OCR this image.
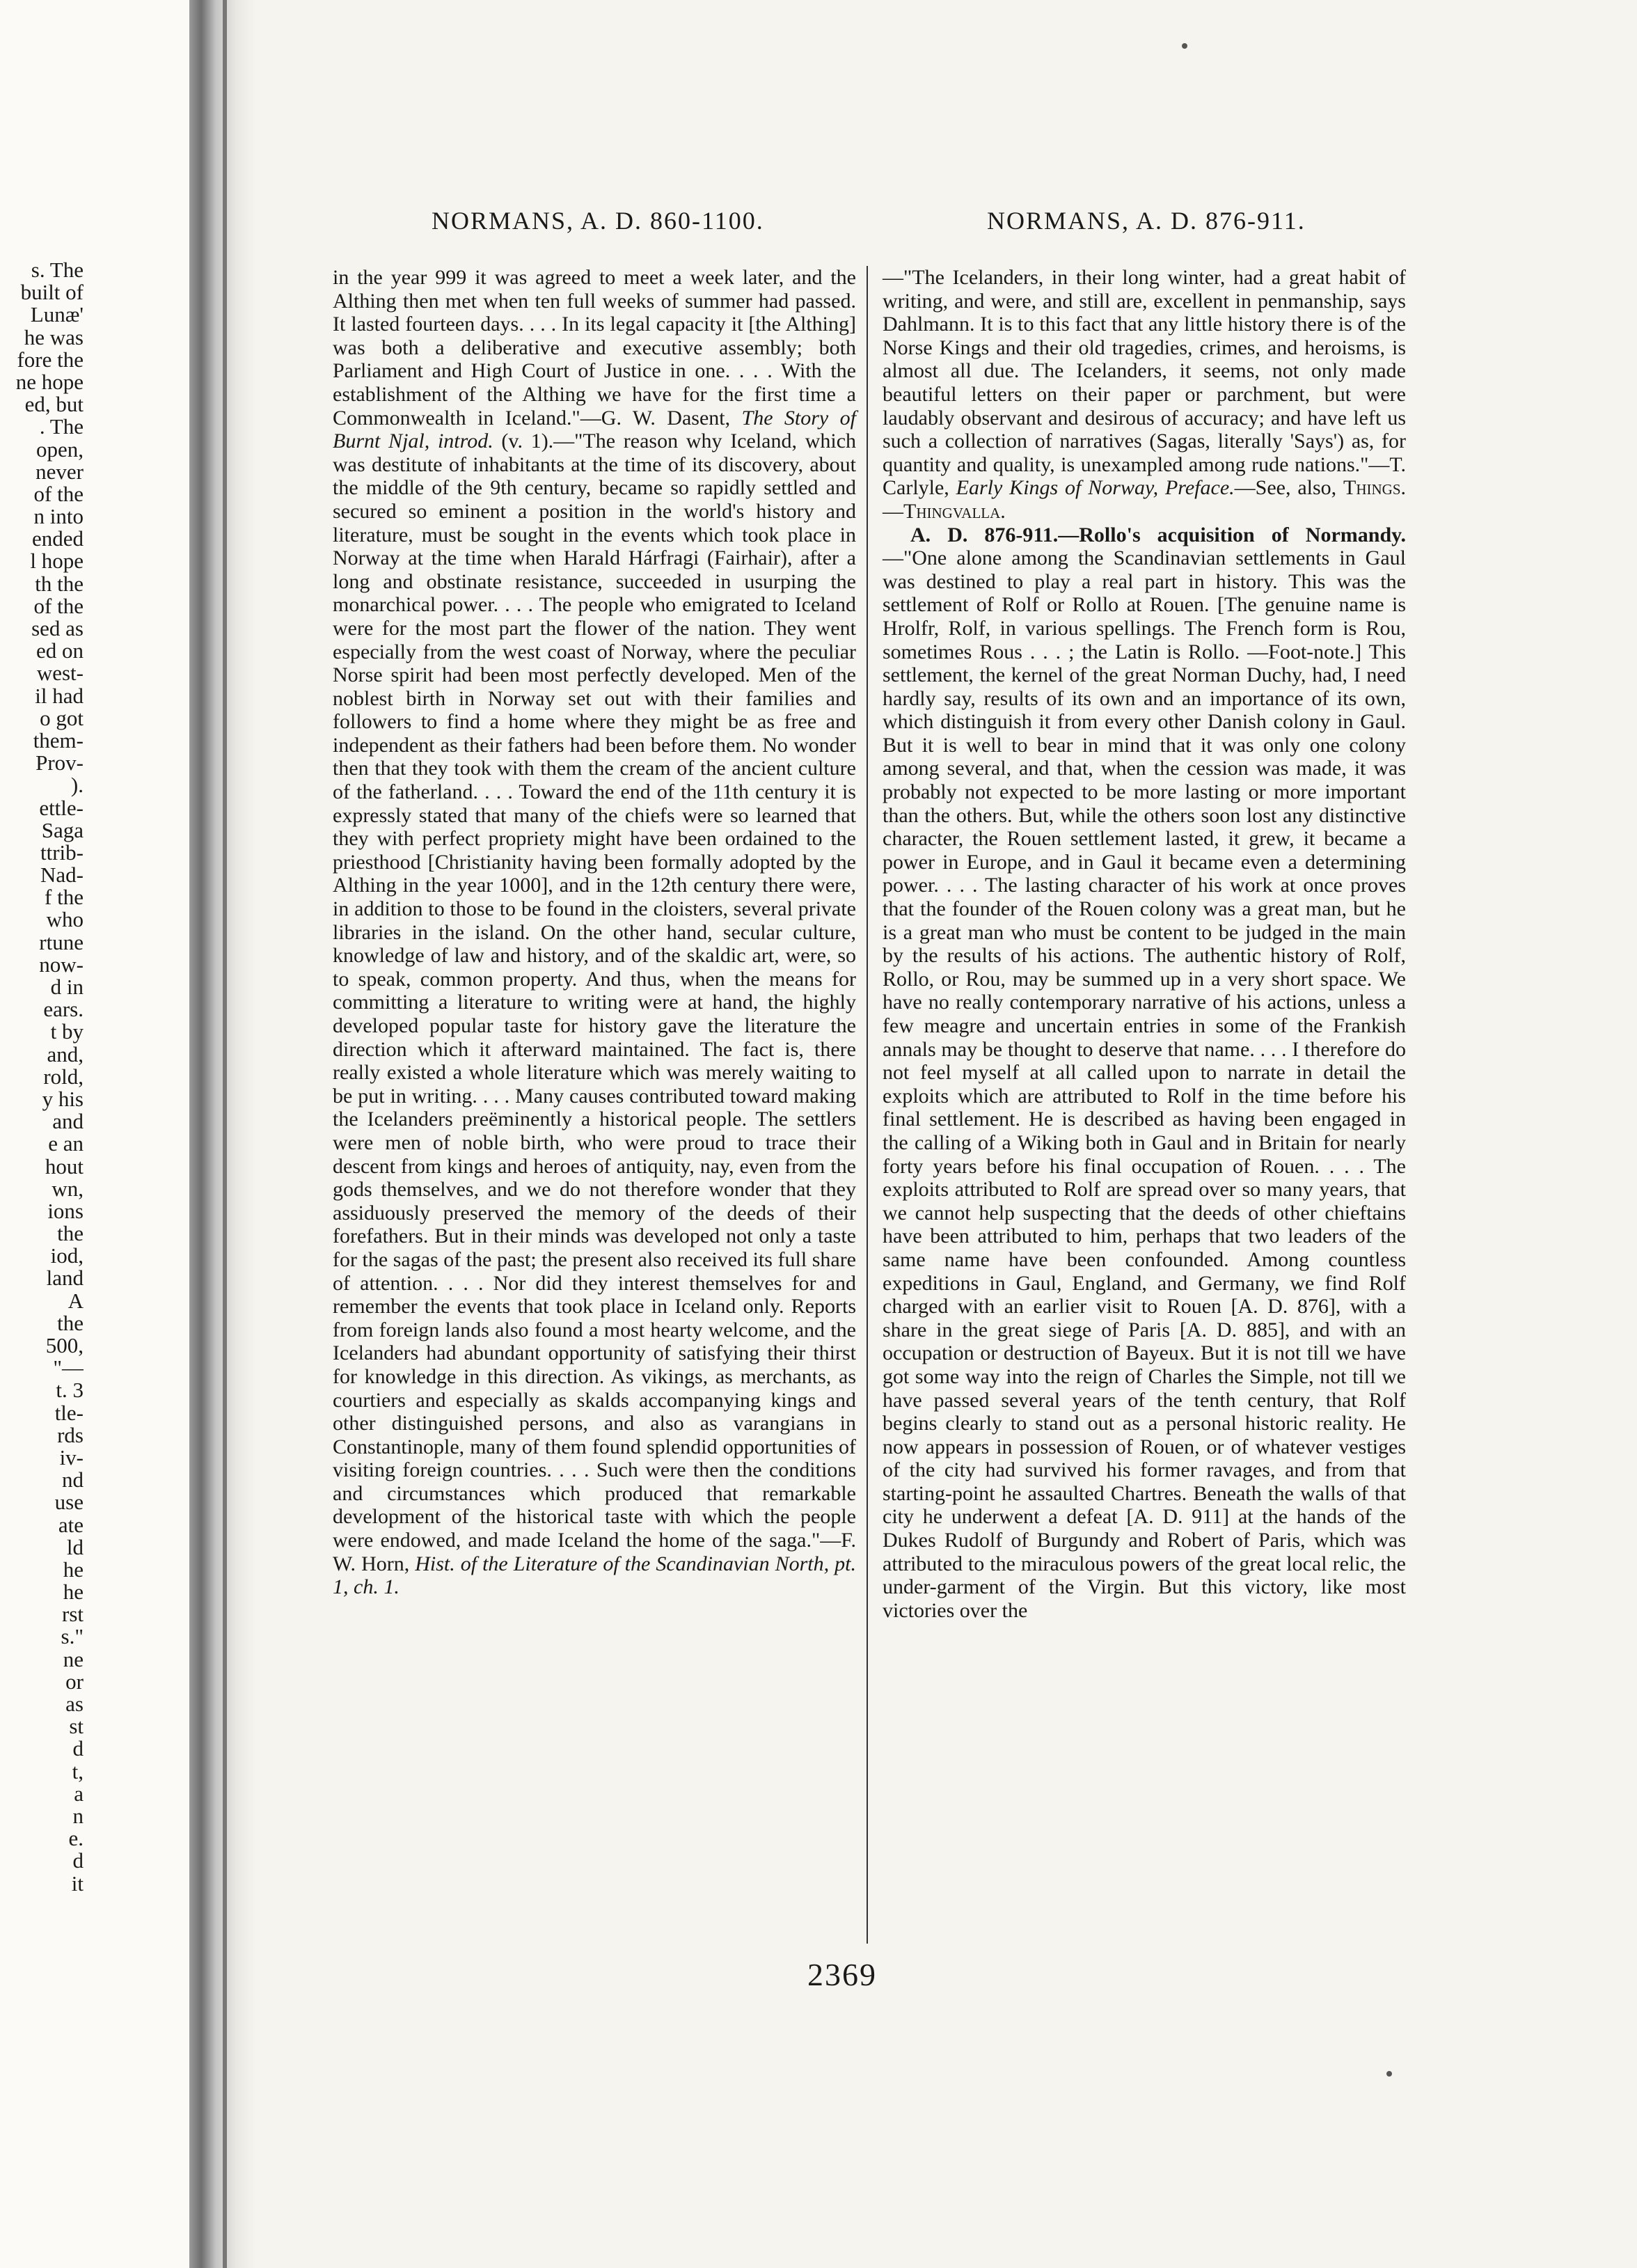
s. The
built of
Lunæ'
he was
fore the
ne hope
ed, but
. The
open,
never
of the
n into
ended
l hope
th the
of the
sed as
ed on
west-
il had
o got
them-
Prov-
).
ettle-
Saga
ttrib-
Nad-
f the
who
rtune
now-
d in
ears.
t by
and,
rold,
y his
and
e an
hout
wn,
ions
the
iod,
land
A
the
500,
"—
t. 3
tle-
rds
iv-
nd
use
ate
ld
he
he
rst
s."
ne
or
as
st
d
t,
a
n
e.
d
it
NORMANS, A. D. 860-1100.	NORMANS, A. D. 876-911.

in the year 999 it was agreed to meet a week later, and the Althing then met when ten full weeks of summer had passed. It lasted fourteen days. . . . In its legal capacity it [the Althing] was both a deliberative and executive assembly; both Parliament and High Court of Justice in one. . . . With the establishment of the Althing we have for the first time a Commonwealth in Iceland."—G. W. Dasent, The Story of Burnt Njal, introd. (v. 1).—"The reason why Iceland, which was destitute of inhabitants at the time of its discovery, about the middle of the 9th century, became so rapidly settled and secured so eminent a position in the world's history and literature, must be sought in the events which took place in Norway at the time when Harald Hárfragi (Fairhair), after a long and obstinate resistance, succeeded in usurping the monarchical power. . . . The people who emigrated to Iceland were for the most part the flower of the nation. They went especially from the west coast of Norway, where the peculiar Norse spirit had been most perfectly developed. Men of the noblest birth in Norway set out with their families and followers to find a home where they might be as free and independent as their fathers had been before them. No wonder then that they took with them the cream of the ancient culture of the fatherland. . . . Toward the end of the 11th century it is expressly stated that many of the chiefs were so learned that they with perfect propriety might have been ordained to the priesthood [Christianity having been formally adopted by the Althing in the year 1000], and in the 12th century there were, in addition to those to be found in the cloisters, several private libraries in the island. On the other hand, secular culture, knowledge of law and history, and of the skaldic art, were, so to speak, common property. And thus, when the means for committing a literature to writing were at hand, the highly developed popular taste for history gave the literature the direction which it afterward maintained. The fact is, there really existed a whole literature which was merely waiting to be put in writing. . . . Many causes contributed toward making the Icelanders preëminently a historical people. The settlers were men of noble birth, who were proud to trace their descent from kings and heroes of antiquity, nay, even from the gods themselves, and we do not therefore wonder that they assiduously preserved the memory of the deeds of their forefathers. But in their minds was developed not only a taste for the sagas of the past; the present also received its full share of attention. . . . Nor did they interest themselves for and remember the events that took place in Iceland only. Reports from foreign lands also found a most hearty welcome, and the Icelanders had abundant opportunity of satisfying their thirst for knowledge in this direction. As vikings, as merchants, as courtiers and especially as skalds accompanying kings and other distinguished persons, and also as varangians in Constantinople, many of them found splendid opportunities of visiting foreign countries. . . . Such were then the conditions and circumstances which produced that remarkable development of the historical taste with which the people were endowed, and made Iceland the home of the saga."—F. W. Horn, Hist. of the Literature of the Scandinavian North, pt. 1, ch. 1.

—"The Icelanders, in their long winter, had a great habit of writing, and were, and still are, excellent in penmanship, says Dahlmann. It is to this fact that any little history there is of the Norse Kings and their old tragedies, crimes, and heroisms, is almost all due. The Icelanders, it seems, not only made beautiful letters on their paper or parchment, but were laudably observant and desirous of accuracy; and have left us such a collection of narratives (Sagas, literally 'Says') as, for quantity and quality, is unexampled among rude nations."—T. Carlyle, Early Kings of Norway, Preface.—See, also, Things.—Thingvalla.

A. D. 876-911.—Rollo's acquisition of Normandy.—"One alone among the Scandinavian settlements in Gaul was destined to play a real part in history. This was the settlement of Rolf or Rollo at Rouen. [The genuine name is Hrolfr, Rolf, in various spellings. The French form is Rou, sometimes Rous . . . ; the Latin is Rollo. —Foot-note.] This settlement, the kernel of the great Norman Duchy, had, I need hardly say, results of its own and an importance of its own, which distinguish it from every other Danish colony in Gaul. But it is well to bear in mind that it was only one colony among several, and that, when the cession was made, it was probably not expected to be more lasting or more important than the others. But, while the others soon lost any distinctive character, the Rouen settlement lasted, it grew, it became a power in Europe, and in Gaul it became even a determining power. . . . The lasting character of his work at once proves that the founder of the Rouen colony was a great man, but he is a great man who must be content to be judged in the main by the results of his actions. The authentic history of Rolf, Rollo, or Rou, may be summed up in a very short space. We have no really contemporary narrative of his actions, unless a few meagre and uncertain entries in some of the Frankish annals may be thought to deserve that name. . . . I therefore do not feel myself at all called upon to narrate in detail the exploits which are attributed to Rolf in the time before his final settlement. He is described as having been engaged in the calling of a Wiking both in Gaul and in Britain for nearly forty years before his final occupation of Rouen. . . . The exploits attributed to Rolf are spread over so many years, that we cannot help suspecting that the deeds of other chieftains have been attributed to him, perhaps that two leaders of the same name have been confounded. Among countless expeditions in Gaul, England, and Germany, we find Rolf charged with an earlier visit to Rouen [A. D. 876], with a share in the great siege of Paris [A. D. 885], and with an occupation or destruction of Bayeux. But it is not till we have got some way into the reign of Charles the Simple, not till we have passed several years of the tenth century, that Rolf begins clearly to stand out as a personal historic reality. He now appears in possession of Rouen, or of whatever vestiges of the city had survived his former ravages, and from that starting-point he assaulted Chartres. Beneath the walls of that city he underwent a defeat [A. D. 911] at the hands of the Dukes Rudolf of Burgundy and Robert of Paris, which was attributed to the miraculous powers of the great local relic, the under-garment of the Virgin. But this victory, like most victories over the

2369
